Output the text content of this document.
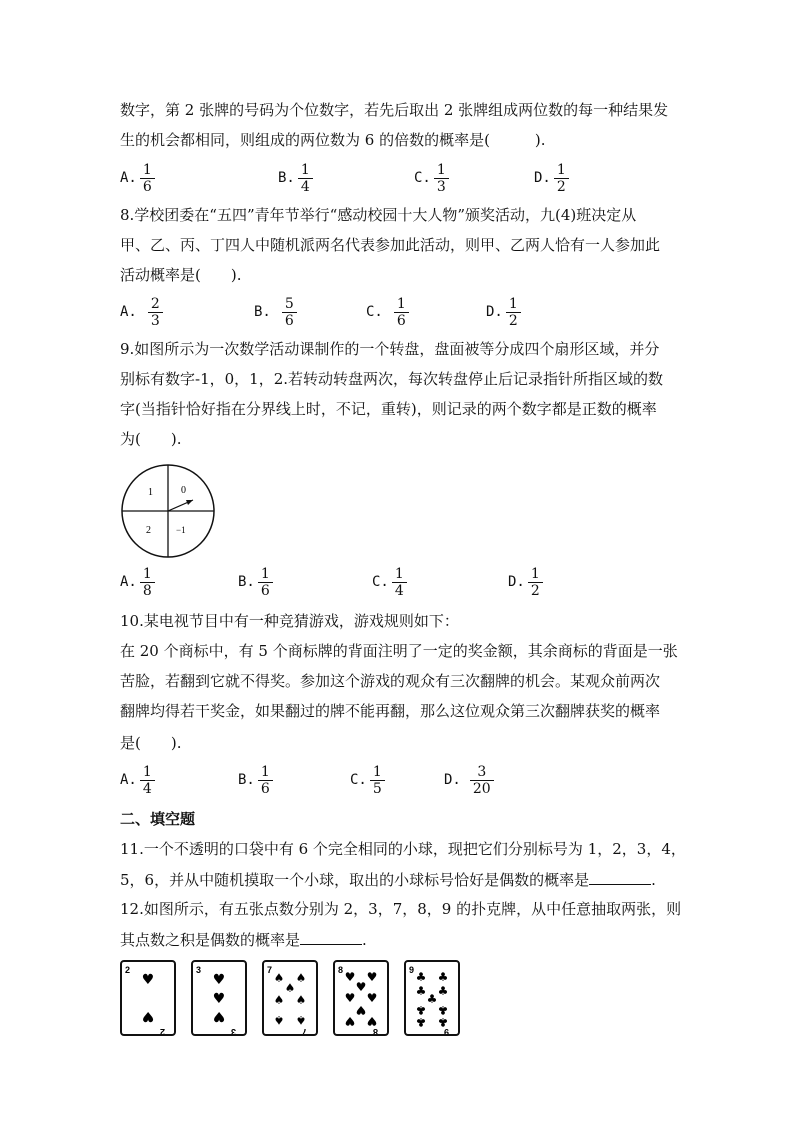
数字，第 2 张牌的号码为个位数字，若先后取出 2 张牌组成两位数的每一种结果发
生的机会都相同，则组成的两位数为 6 的倍数的概率是(　　　).
A. $\frac{1}{6}$	B. $\frac{1}{4}$	C. $\frac{1}{3}$	D. $\frac{1}{2}$
8.学校团委在“五四”青年节举行“感动校园十大人物”颁奖活动，九(4)班决定从
甲、乙、丙、丁四人中随机派两名代表参加此活动，则甲、乙两人恰有一人参加此
活动概率是(　　).
A. $\frac{2}{3}$	B. $\frac{5}{6}$	C. $\frac{1}{6}$	D. $\frac{1}{2}$
9.如图所示为一次数学活动课制作的一个转盘，盘面被等分成四个扇形区域，并分
别标有数字-1，0，1，2.若转动转盘两次，每次转盘停止后记录指针所指区域的数
字(当指针恰好指在分界线上时，不记，重转)，则记录的两个数字都是正数的概率
为(　　).
1	0
2	−1
A. $\frac{1}{8}$	B. $\frac{1}{6}$	C. $\frac{1}{4}$	D. $\frac{1}{2}$
10.某电视节目中有一种竞猜游戏，游戏规则如下：
在 20 个商标中，有 5 个商标牌的背面注明了一定的奖金额，其余商标的背面是一张
苦脸，若翻到它就不得奖。参加这个游戏的观众有三次翻牌的机会。某观众前两次
翻牌均得若干奖金，如果翻过的牌不能再翻，那么这位观众第三次翻牌获奖的概率
是(　　).
A. $\frac{1}{4}$	B. $\frac{1}{6}$	C. $\frac{1}{5}$	D. $\frac{3}{20}$
二、填空题
11.一个不透明的口袋中有 6 个完全相同的小球，现把它们分别标号为 1，2，3，4，
5，6，并从中随机摸取一个小球，取出的小球标号恰好是偶数的概率是	.
12.如图所示，有五张点数分别为 2，3，7，8，9 的扑克牌，从中任意抽取两张，则
其点数之积是偶数的概率是	.
2
♥
♥
2
3
♥
♥
♥
3
7
♠ ♠
♠
♠ ♠
♠ ♠
7
8 ♥ ♥
♥
♥ ♥
♥
♥ ♥
8
9 ♣ ♣
♣ ♣
♣
♣ ♣
♣ ♣
9
